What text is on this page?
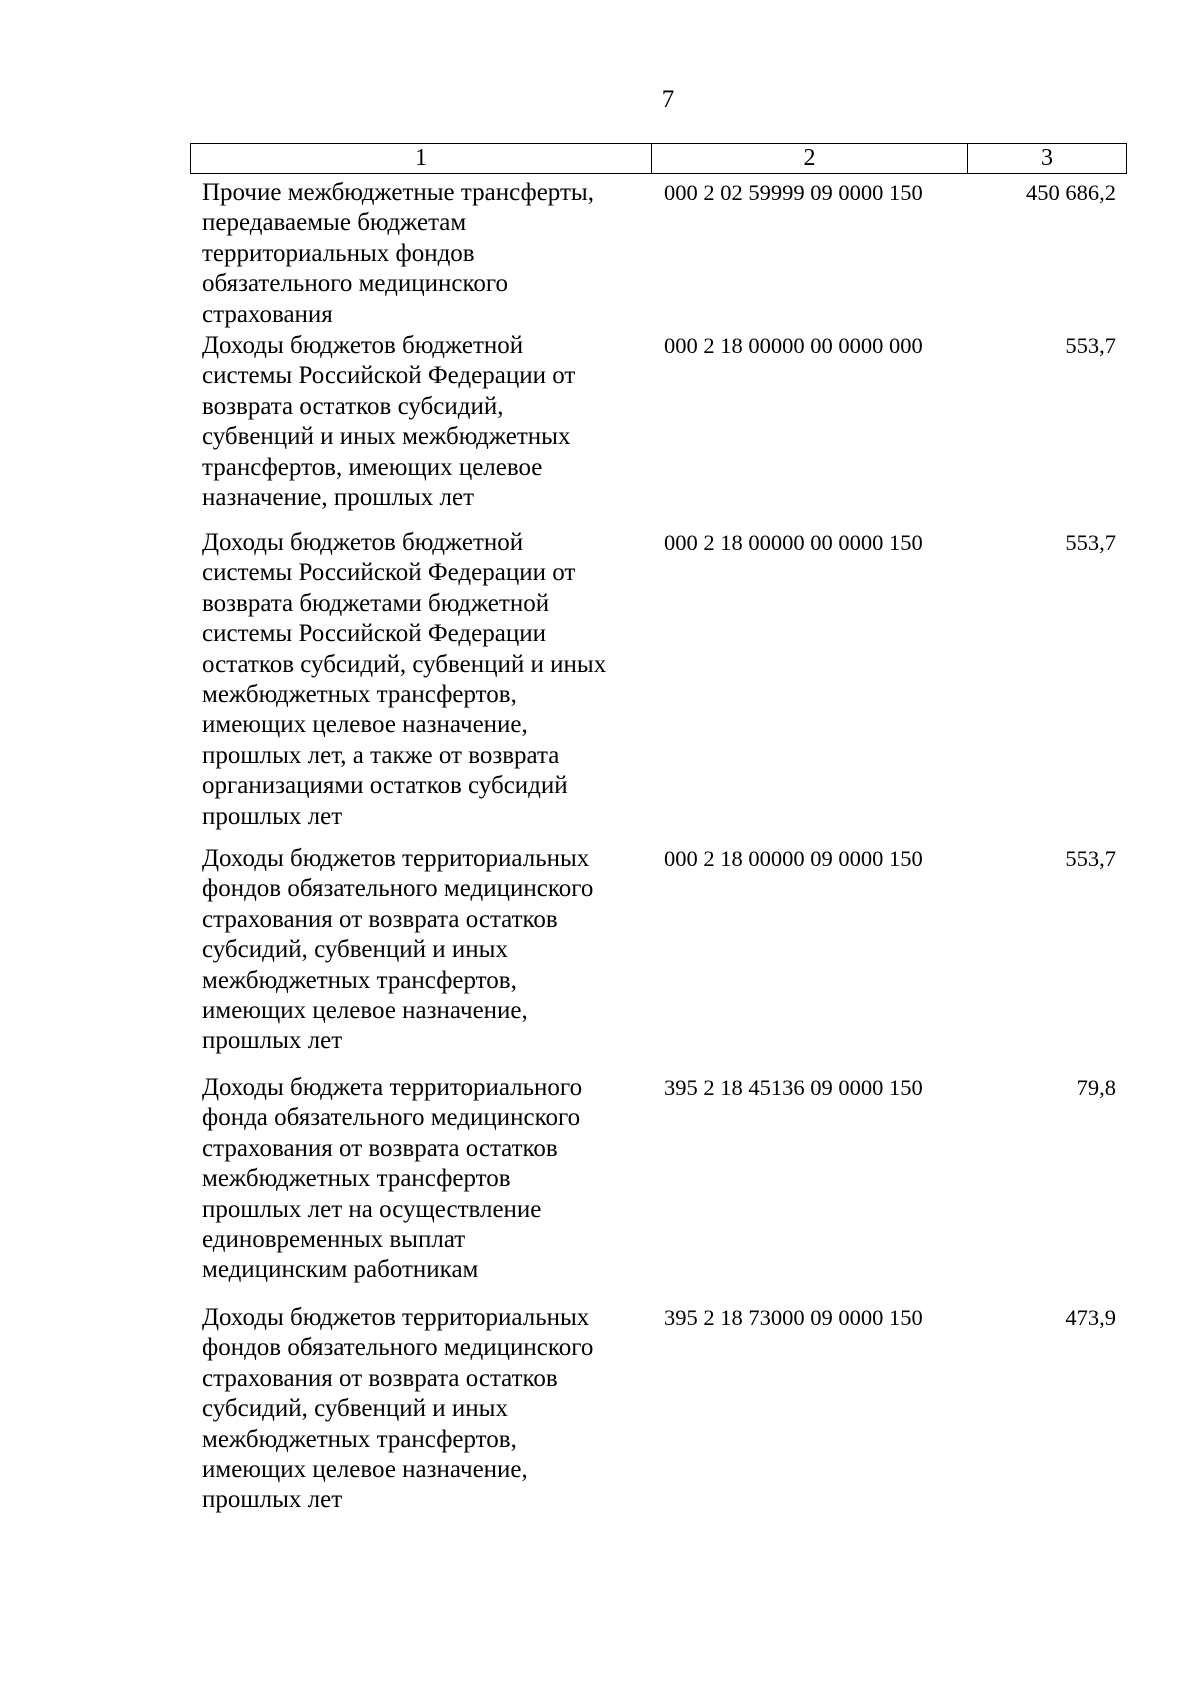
7
1	2	3
Прочие межбюджетные трансферты,
передаваемые бюджетам
территориальных фондов
обязательного медицинского
страхования
000 2 02 59999 09 0000 150	450 686,2
Доходы бюджетов бюджетной
системы Российской Федерации от
возврата остатков субсидий,
субвенций и иных межбюджетных
трансфертов, имеющих целевое
назначение, прошлых лет
000 2 18 00000 00 0000 000	553,7
Доходы бюджетов бюджетной
системы Российской Федерации от
возврата бюджетами бюджетной
системы Российской Федерации
остатков субсидий, субвенций и иных
межбюджетных трансфертов,
имеющих целевое назначение,
прошлых лет, а также от возврата
организациями остатков субсидий
прошлых лет
000 2 18 00000 00 0000 150	553,7
Доходы бюджетов территориальных
фондов обязательного медицинского
страхования от возврата остатков
субсидий, субвенций и иных
межбюджетных трансфертов,
имеющих целевое назначение,
прошлых лет
000 2 18 00000 09 0000 150	553,7
Доходы бюджета территориального
фонда обязательного медицинского
страхования от возврата остатков
межбюджетных трансфертов
прошлых лет на осуществление
единовременных выплат
медицинским работникам
395 2 18 45136 09 0000 150	79,8
Доходы бюджетов территориальных
фондов обязательного медицинского
страхования от возврата остатков
субсидий, субвенций и иных
межбюджетных трансфертов,
имеющих целевое назначение,
прошлых лет
395 2 18 73000 09 0000 150	473,9
